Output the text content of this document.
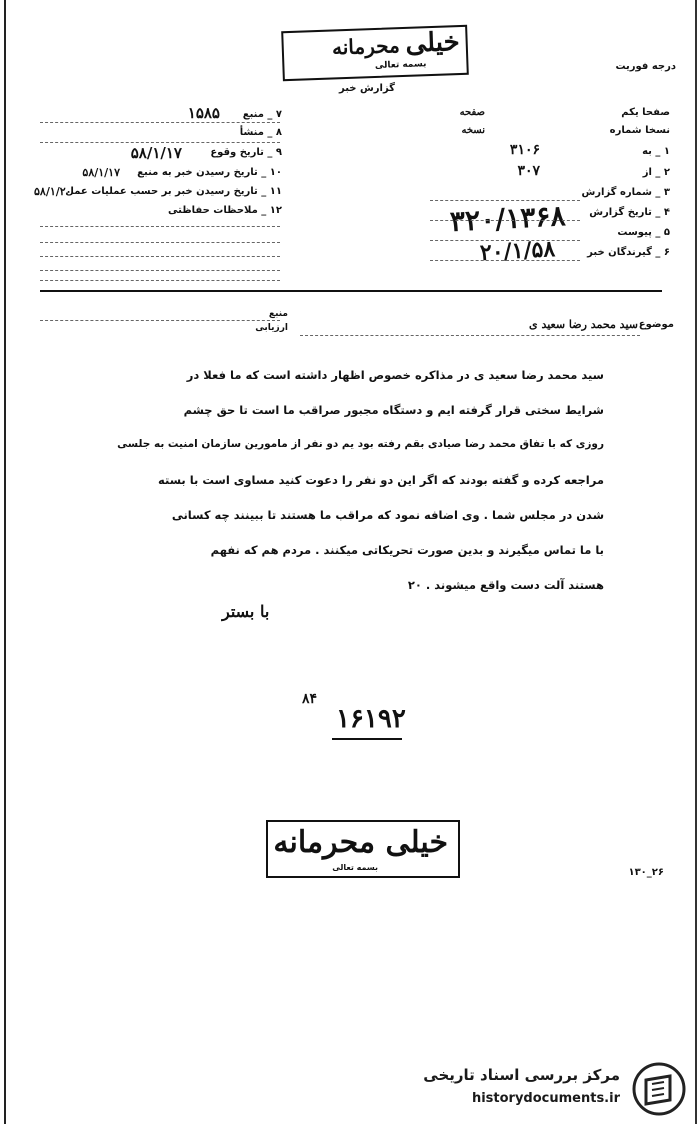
درجه فوریت
خیلی
محرمانه
بسمه تعالی
گزارش خبر
صفحا یکم
صفحه
نسخا شماره
نسخه
۱ _ به
۳۱۰۶
۲ _ از
۳۰۷
۳ _ شماره گزارش
۴ _ تاریخ گزارش
۵ _ پیوست
۶ _ گیرندگان خبر
۳۲۰/۱۳۶۸
۲۰/۱/۵۸
۷ _ منبع
۱۵۸۵
۸ _ منشأ
۹ _ تاریخ وقوع
۵۸/۱/۱۷
۱۰ _ تاریخ رسیدن خبر به منبع
۵۸/۱/۱۷
۱۱ _ تاریخ رسیدن خبر بر حسب عملیات عمل
۵۸/۱/۲۰
۱۲ _ ملاحظات حفاظتی
موضوع
سید محمد رضا سعید ی
منبع
ارزیابی
سید محمد رضا سعید ی در مذاکره خصوص اظهار داشته است که ما فعلا در
شرایط سختی قرار گرفته ایم و دستگاه مجبور صراقب ما است تا حق چشم
روزی که با تفاق محمد رضا صیادی بقم رفته بود یم دو نفر از مامورین سازمان امنیت به جلسی
مراجعه کرده و گفته بودند که اگر این دو نفر را دعوت کنید مساوی است با بسته
شدن در مجلس شما . وی اضافه نمود که مراقب ما هستند تا ببینند چه کسانی
با ما تماس میگیرند و بدین صورت تحریکاتی میکنند . مردم هم که نفهم
هستند آلت دست واقع میشوند . ۲۰
با بستر
۸۴
۱۶۱۹۲
خیلی محرمانه
بسمه تعالی	۲۶_۱۳۰
مرکز بررسی اسناد تاریخی
historydocuments.ir
